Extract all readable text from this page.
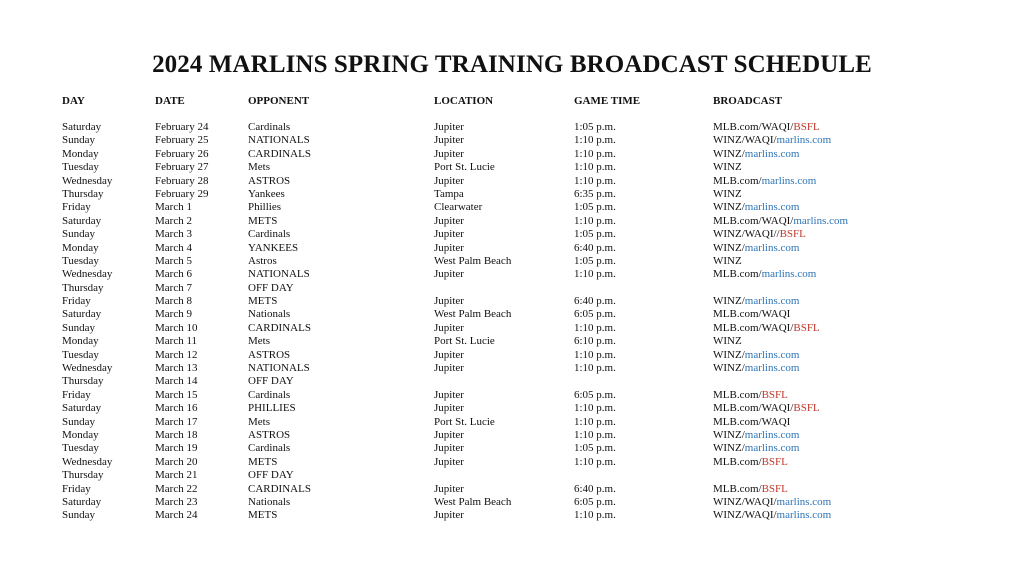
2024 MARLINS SPRING TRAINING BROADCAST SCHEDULE
DAY	DATE	OPPONENT	LOCATION	GAME TIME	BROADCAST
Saturday	February 24	Cardinals	Jupiter	1:05 p.m.	MLB.com/WAQI/BSFL
Sunday	February 25	NATIONALS	Jupiter	1:10 p.m.	WINZ/WAQI/marlins.com
Monday	February 26	CARDINALS	Jupiter	1:10 p.m.	WINZ/marlins.com
Tuesday	February 27	Mets	Port St. Lucie	1:10 p.m.	WINZ
Wednesday	February 28	ASTROS	Jupiter	1:10 p.m.	MLB.com/marlins.com
Thursday	February 29	Yankees	Tampa	6:35 p.m.	WINZ
Friday	March 1	Phillies	Clearwater	1:05 p.m.	WINZ/marlins.com
Saturday	March 2	METS	Jupiter	1:10 p.m.	MLB.com/WAQI/marlins.com
Sunday	March 3	Cardinals	Jupiter	1:05 p.m.	WINZ/WAQI//BSFL
Monday	March 4	YANKEES	Jupiter	6:40 p.m.	WINZ/marlins.com
Tuesday	March 5	Astros	West Palm Beach	1:05 p.m.	WINZ
Wednesday	March 6	NATIONALS	Jupiter	1:10 p.m.	MLB.com/marlins.com
Thursday	March 7	OFF DAY
Friday	March 8	METS	Jupiter	6:40 p.m.	WINZ/marlins.com
Saturday	March 9	Nationals	West Palm Beach	6:05 p.m.	MLB.com/WAQI
Sunday	March 10	CARDINALS	Jupiter	1:10 p.m.	MLB.com/WAQI/BSFL
Monday	March 11	Mets	Port St. Lucie	6:10 p.m.	WINZ
Tuesday	March 12	ASTROS	Jupiter	1:10 p.m.	WINZ/marlins.com
Wednesday	March 13	NATIONALS	Jupiter	1:10 p.m.	WINZ/marlins.com
Thursday	March 14	OFF DAY
Friday	March 15	Cardinals	Jupiter	6:05 p.m.	MLB.com/BSFL
Saturday	March 16	PHILLIES	Jupiter	1:10 p.m.	MLB.com/WAQI/BSFL
Sunday	March 17	Mets	Port St. Lucie	1:10 p.m.	MLB.com/WAQI
Monday	March 18	ASTROS	Jupiter	1:10 p.m.	WINZ/marlins.com
Tuesday	March 19	Cardinals	Jupiter	1:05 p.m.	WINZ/marlins.com
Wednesday	March 20	METS	Jupiter	1:10 p.m.	MLB.com/BSFL
Thursday	March 21	OFF DAY
Friday	March 22	CARDINALS	Jupiter	6:40 p.m.	MLB.com/BSFL
Saturday	March 23	Nationals	West Palm Beach	6:05 p.m.	WINZ/WAQI/marlins.com
Sunday	March 24	METS	Jupiter	1:10 p.m.	WINZ/WAQI/marlins.com
